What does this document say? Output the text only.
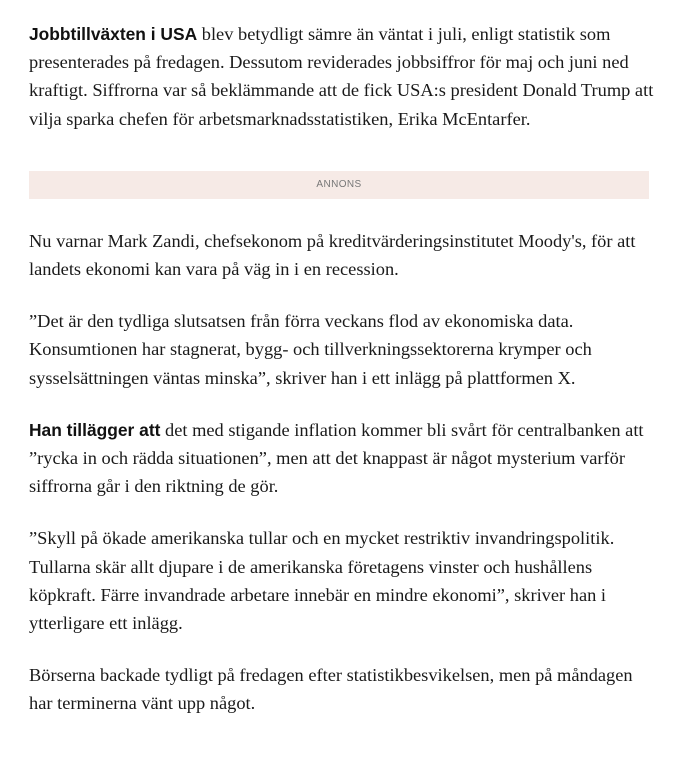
Jobbtillväxten i USA blev betydligt sämre än väntat i juli, enligt statistik som presenterades på fredagen. Dessutom reviderades jobbsiffror för maj och juni ned kraftigt. Siffrorna var så beklämmande att de fick USA:s president Donald Trump att vilja sparka chefen för arbetsmarknadsstatistiken, Erika McEntarfer.

ANNONS

Nu varnar Mark Zandi, chefsekonom på kreditvärderingsinstitutet Moody's, för att landets ekonomi kan vara på väg in i en recession.

”Det är den tydliga slutsatsen från förra veckans flod av ekonomiska data. Konsumtionen har stagnerat, bygg- och tillverkningssektorerna krymper och sysselsättningen väntas minska”, skriver han i ett inlägg på plattformen X.

Han tillägger att det med stigande inflation kommer bli svårt för centralbanken att ”rycka in och rädda situationen”, men att det knappast är något mysterium varför siffrorna går i den riktning de gör.

”Skyll på ökade amerikanska tullar och en mycket restriktiv invandringspolitik. Tullarna skär allt djupare i de amerikanska företagens vinster och hushållens köpkraft. Färre invandrade arbetare innebär en mindre ekonomi”, skriver han i ytterligare ett inlägg.

Börserna backade tydligt på fredagen efter statistikbesvikelsen, men på måndagen har terminerna vänt upp något.
